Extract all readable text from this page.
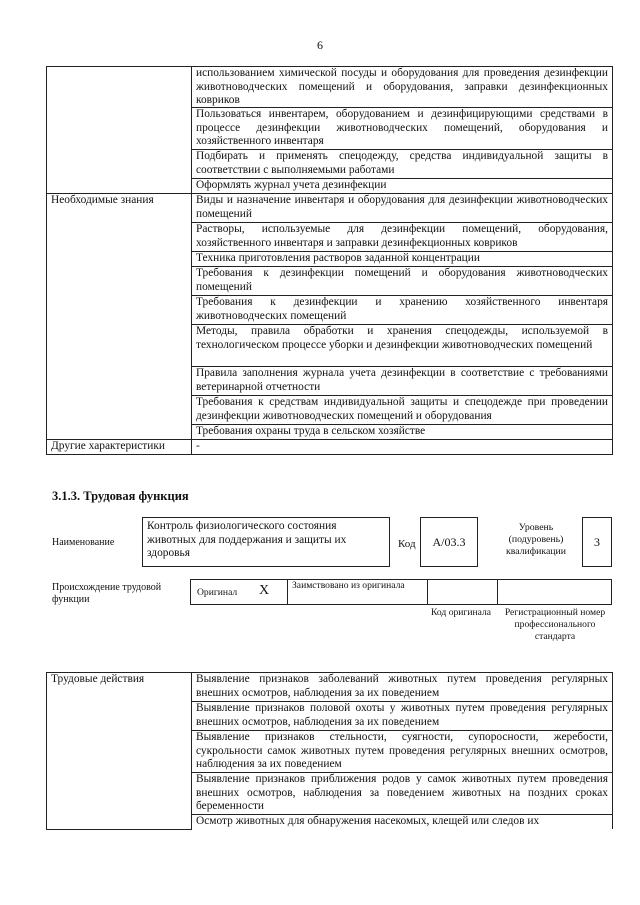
6

	использованием химической посуды и оборудования для проведения дезинфекции животноводческих помещений и оборудования, заправки дезинфекционных ковриков

	Пользоваться инвентарем, оборудованием и дезинфицирующими средствами в процессе дезинфекции животноводческих помещений, оборудования и хозяйственного инвентаря

	Подбирать и применять спецодежду, средства индивидуальной защиты в соответствии с выполняемыми работами

	Оформлять журнал учета дезинфекции

Необходимые знания	Виды и назначение инвентаря и оборудования для дезинфекции животноводческих помещений

	Растворы, используемые для дезинфекции помещений, оборудования, хозяйственного инвентаря и заправки дезинфекционных ковриков

	Техника приготовления растворов заданной концентрации

	Требования к дезинфекции помещений и оборудования животноводческих помещений

	Требования к дезинфекции и хранению хозяйственного инвентаря животноводческих помещений

	Методы, правила обработки и хранения спецодежды, используемой в технологическом процессе уборки и дезинфекции животноводческих помещений

	Правила заполнения журнала учета дезинфекции в соответствие с требованиями ветеринарной отчетности

	Требования к средствам индивидуальной защиты и спецодежде при проведении дезинфекции животноводческих помещений и оборудования

	Требования охраны труда в сельском хозяйстве

Другие характеристики	-
3.1.3. Трудовая функция
Наименование
Контроль физиологического состояния животных для поддержания и защиты их здоровья
Код А/03.3
Уровень (подуровень) квалификации
3
Происхождение трудовой функции
Оригинал Х Заимствовано из оригинала
Код оригинала	Регистрационный номер профессионального стандарта
Трудовые действия	Выявление признаков заболеваний животных путем проведения регулярных внешних осмотров, наблюдения за их поведением

Выявление признаков половой охоты у животных путем проведения регулярных внешних осмотров, наблюдения за их поведением

Выявление признаков стельности, суягности, супоросности, жеребости, сукрольности самок животных путем проведения регулярных внешних осмотров, наблюдения за их поведением

Выявление признаков приближения родов у самок животных путем проведения внешних осмотров, наблюдения за поведением животных на поздних сроках беременности

Осмотр животных для обнаружения насекомых, клещей или следов их
